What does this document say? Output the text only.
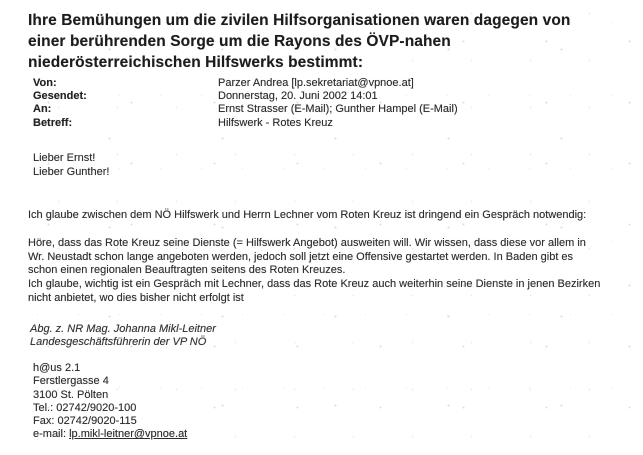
Ihre Bemühungen um die zivilen Hilfsorganisationen waren dagegen von einer berührenden Sorge um die Rayons des ÖVP-nahen niederösterreichischen Hilfswerks bestimmt:
Von:	Parzer Andrea [lp.sekretariat@vpnoe.at]
Gesendet:	Donnerstag, 20. Juni 2002 14:01
An:	Ernst Strasser (E-Mail); Gunther Hampel (E-Mail)
Betreff:	Hilfswerk - Rotes Kreuz
Lieber Ernst!
Lieber Gunther!
Ich glaube zwischen dem NÖ Hilfswerk und Herrn Lechner vom Roten Kreuz ist dringend ein Gespräch notwendig:
Höre, dass das Rote Kreuz seine Dienste (= Hilfswerk Angebot) ausweiten will. Wir wissen, dass diese vor allem in
Wr. Neustadt schon lange angeboten werden, jedoch soll jetzt eine Offensive gestartet werden. In Baden gibt es
schon einen regionalen Beauftragten seitens des Roten Kreuzes.
Ich glaube, wichtig ist ein Gespräch mit Lechner, dass das Rote Kreuz auch weiterhin seine Dienste in jenen Bezirken
nicht anbietet, wo dies bisher nicht erfolgt ist
Abg. z. NR Mag. Johanna Mikl-Leitner
Landesgeschäftsführerin der VP NÖ
h@us 2.1
Ferstlergasse 4
3100 St. Pölten
Tel.: 02742/9020-100
Fax: 02742/9020-115
e-mail: lp.mikl-leitner@vpnoe.at
